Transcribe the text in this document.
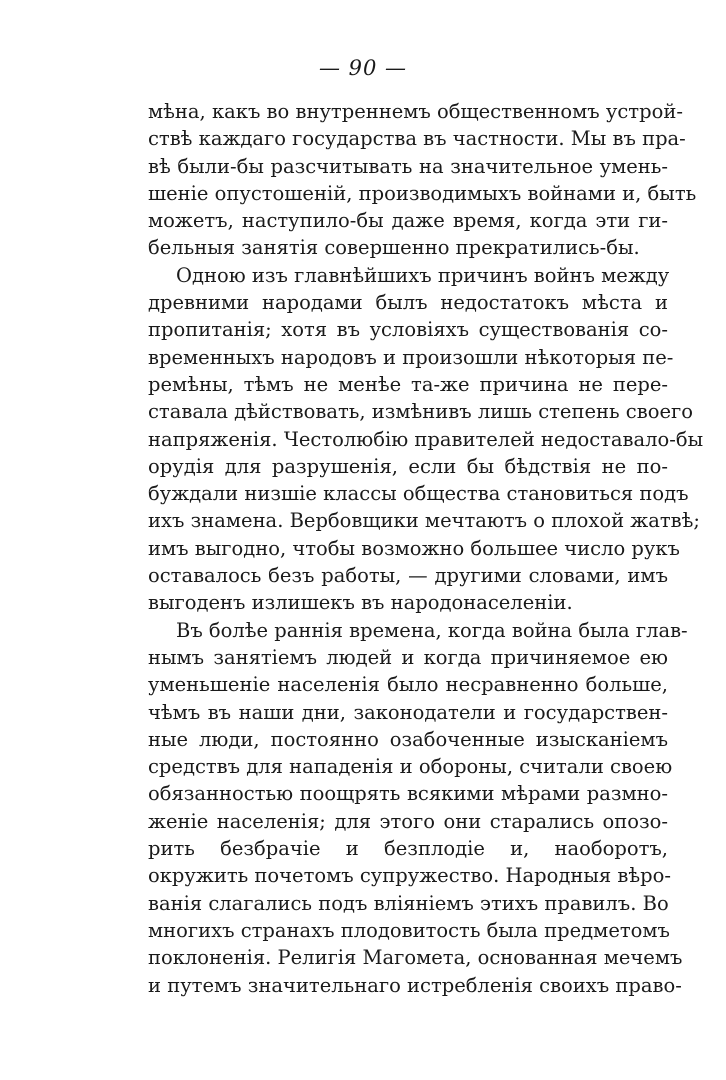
— 90 —

мѣна, какъ во внутреннемъ общественномъ устрой-
ствѣ каждаго государства въ частности. Мы въ пра-
вѣ были-бы разсчитывать на значительное умень-
шеніе опустошеній, производимыхъ войнами и, быть
можетъ, наступило-бы даже время, когда эти ги-
бельныя занятія совершенно прекратились-бы.
Одною изъ главнѣйшихъ причинъ войнъ между
древними народами былъ недостатокъ мѣста и
пропитанія; хотя въ условіяхъ существованія со-
временныхъ народовъ и произошли нѣкоторыя пе-
ремѣны, тѣмъ не менѣе та-же причина не пере-
ставала дѣйствовать, измѣнивъ лишь степень своего
напряженія. Честолюбію правителей недоставало-бы
орудія для разрушенія, если бы бѣдствія не по-
буждали низшіе классы общества становиться подъ
ихъ знамена. Вербовщики мечтаютъ о плохой жатвѣ;
имъ выгодно, чтобы возможно большее число рукъ
оставалось безъ работы, — другими словами, имъ
выгоденъ излишекъ въ народонаселеніи.
Въ болѣе раннія времена, когда война была глав-
нымъ занятіемъ людей и когда причиняемое ею
уменьшеніе населенія было несравненно больше,
чѣмъ въ наши дни, законодатели и государствен-
ные люди, постоянно озабоченные изысканіемъ
средствъ для нападенія и обороны, считали своею
обязанностью поощрять всякими мѣрами размно-
женіе населенія; для этого они старались опозо-
рить безбрачіе и безплодіе и, наоборотъ,
окружить почетомъ супружество. Народныя вѣро-
ванія слагались подъ вліяніемъ этихъ правилъ. Во
многихъ странахъ плодовитость была предметомъ
поклоненія. Религія Магомета, основанная мечемъ
и путемъ значительнаго истребленія своихъ право-
